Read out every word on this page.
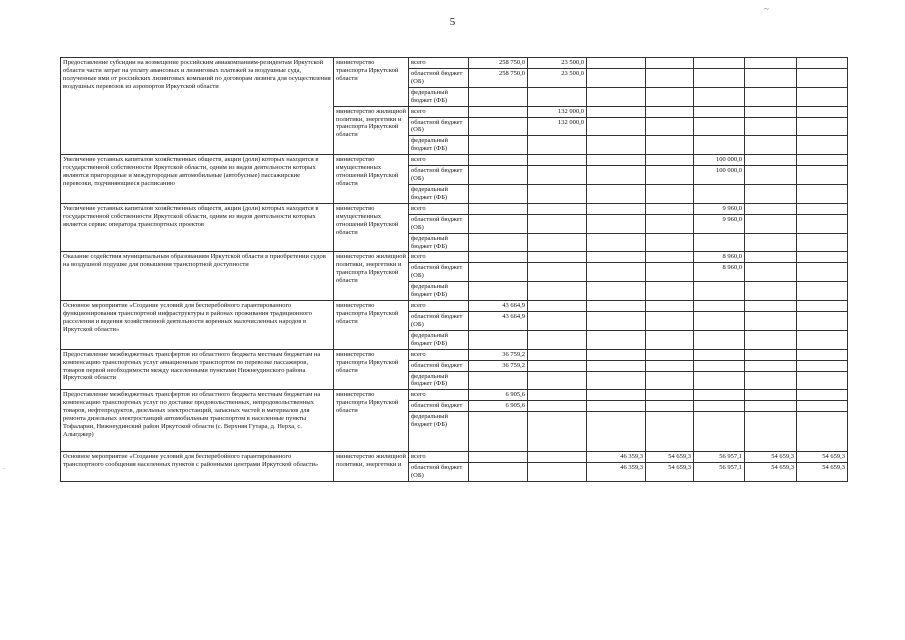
5
~
.
Предоставление субсидии на возмещение российским авиакомпаниям-резидентам Иркутской области части затрат на уплату авансовых и лизинговых платежей за воздушные суда, полученные ими от российских лизинговых компаний по договорам лизинга для осуществления воздушных перевозок из аэропортов Иркутской области	министерство транспорта Иркутской области	всего	258 750,0	23 500,0						
		областной бюджет (ОБ)	258 750,0	23 500,0						
		федеральный бюджет (ФБ)								
	министерство жилищной политики, энергетики и транспорта Иркутской области	всего		132 000,0						
		областной бюджет (ОБ)		132 000,0						
		федеральный бюджет (ФБ)								
Увеличение уставных капиталов хозяйственных обществ, акции (доли) которых находятся в государственной собственности Иркутской области, одним из видов деятельности которых являются пригородные и междугородные автомобильные (автобусные) пассажирские перевозки, подчиняющиеся расписанию	министерство имущественных отношений Иркутской области	всего					100 000,0			
		областной бюджет (ОБ)					100 000,0			
		федеральный бюджет (ФБ)								
Увеличение уставных капиталов хозяйственных обществ, акции (доли) которых находятся в государственной собственности Иркутской области, одним из видов деятельности которых является сервис оператора транспортных проектов	министерство имущественных отношений Иркутской области	всего					9 960,0			
		областной бюджет (ОБ)					9 960,0			
		федеральный бюджет (ФБ)								
Оказание содействия муниципальным образованиям Иркутской области в приобретении судов на воздушной подушке для повышения транспортной доступности	министерство жилищной политики, энергетики и транспорта Иркутской области	всего					8 960,0			
		областной бюджет (ОБ)					8 960,0			
		федеральный бюджет (ФБ)								
Основное мероприятие «Создание условий для бесперебойного гарантированного функционирования транспортной инфраструктуры в районах проживания традиционного расселения и ведения хозяйственной деятельности коренных малочисленных народов в Иркутской области»	министерство транспорта Иркутской области	всего	43 664,9							
		областной бюджет (ОБ)	43 664,9							
		федеральный бюджет (ФБ)								
Предоставление межбюджетных трансфертов из областного бюджета местным бюджетам на компенсацию транспортных услуг авиационным транспортом по перевозке пассажиров, товаров первой необходимости между населенными пунктами Нижнеудинского района Иркутской области	министерство транспорта Иркутской области	всего	36 759,2							
		областной бюджет	36 759,2							
		федеральный бюджет (ФБ)								
Предоставление межбюджетных трансфертов из областного бюджета местным бюджетам на компенсацию транспортных услуг по доставке продовольственных, непродовольственных товаров, нефтепродуктов, дизельных электростанций, запасных частей и материалов для ремонта дизельных электростанций автомобильным транспортом в населенные пункты Тофаларии, Нижнеудинский район Иркутской области (с. Верхняя Гутара, д. Нерха, с. Алыгджер)	министерство транспорта Иркутской области	всего	6 905,6							
		областной бюджет	6 905,6							
		федеральный бюджет (ФБ)								
Основное мероприятие «Создание условий для бесперебойного гарантированного транспортного сообщения населенных пунктов с районными центрами Иркутской области»	министерство жилищной политики, энергетики и	всего			46 359,3	54 659,3	56 957,1	54 659,3	54 659,3	
		областной бюджет (ОБ)			46 359,3	54 659,3	56 957,1	54 659,3	54 659,3	
